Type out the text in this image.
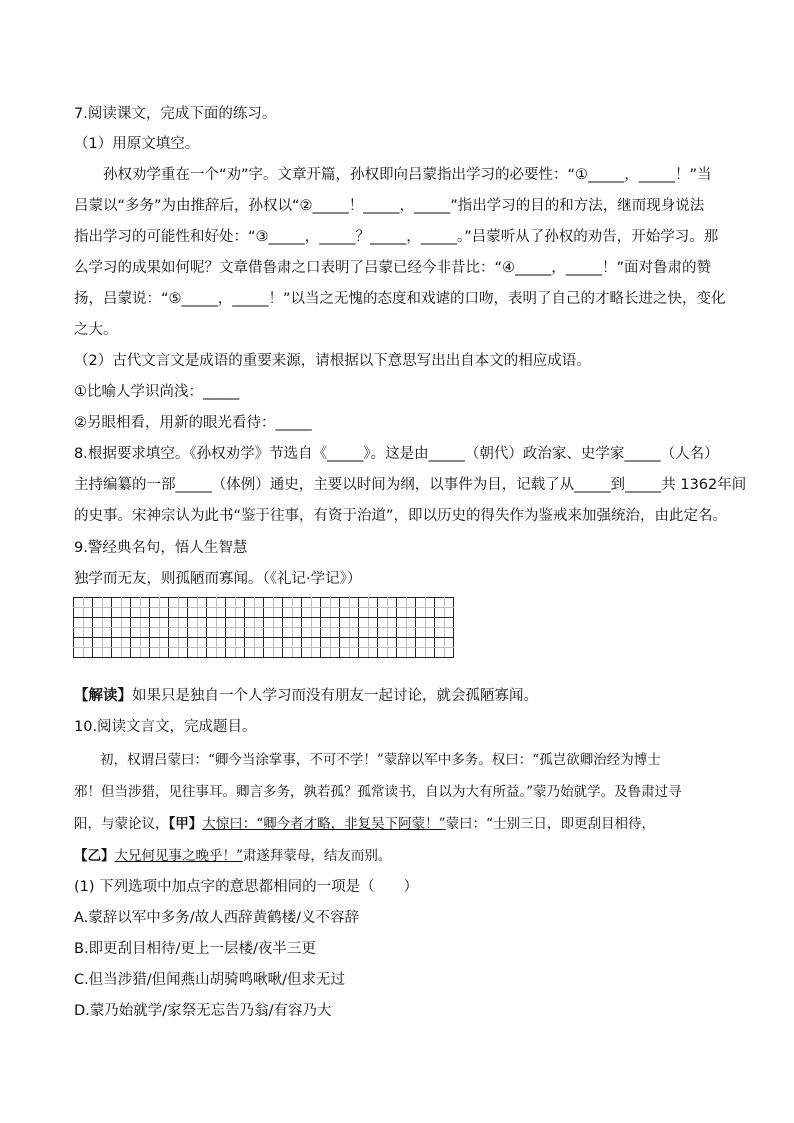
7.阅读课文，完成下面的练习。
（1）用原文填空。
孙权劝学重在一个“劝”字。文章开篇，孙权即向吕蒙指出学习的必要性：“①_____，_____！”当
吕蒙以“多务”为由推辞后，孙权以“②_____！_____，_____”指出学习的目的和方法，继而现身说法
指出学习的可能性和好处：“③_____，_____？_____，_____。”吕蒙听从了孙权的劝告，开始学习。那
么学习的成果如何呢？文章借鲁肃之口表明了吕蒙已经今非昔比：“④_____，_____！”面对鲁肃的赞
扬，吕蒙说：“⑤_____，_____！”以当之无愧的态度和戏谑的口吻，表明了自己的才略长进之快，变化
之大。
（2）古代文言文是成语的重要来源，请根据以下意思写出出自本文的相应成语。
①比喻人学识尚浅：_____
②另眼相看，用新的眼光看待：_____
8.根据要求填空。《孙权劝学》节选自《_____》。这是由_____（朝代）政治家、史学家_____（人名）
主持编纂的一部_____（体例）通史，主要以时间为纲，以事件为目，记载了从_____到_____共 1362年间
的史事。宋神宗认为此书“鉴于往事，有资于治道”，即以历史的得失作为鉴戒来加强统治，由此定名。
9.警经典名句，悟人生智慧
独学而无友，则孤陋而寡闻。（《礼记·学记》）

【解读】如果只是独自一个人学习而没有朋友一起讨论，就会孤陋寡闻。
10.阅读文言文，完成题目。
初，权谓吕蒙曰：“卿今当涂掌事，不可不学！”蒙辞以军中多务。权曰：“孤岂欲卿治经为博士
邪！但当涉猎，见往事耳。卿言多务，孰若孤？孤常读书，自以为大有所益。”蒙乃始就学。及鲁肃过寻
阳，与蒙论议，【甲】大惊曰：“卿今者才略，非复吴下阿蒙！”蒙曰：“士别三日，即更刮目相待，
【乙】大兄何见事之晚乎！”肃遂拜蒙母，结友而别。
(1) 下列选项中加点字的意思都相同的一项是（　　）
A.蒙辞以军中多务/故人西辞黄鹤楼/义不容辞
B.即更刮目相待/更上一层楼/夜半三更
C.但当涉猎/但闻燕山胡骑鸣啾啾/但求无过
D.蒙乃始就学/家祭无忘告乃翁/有容乃大
